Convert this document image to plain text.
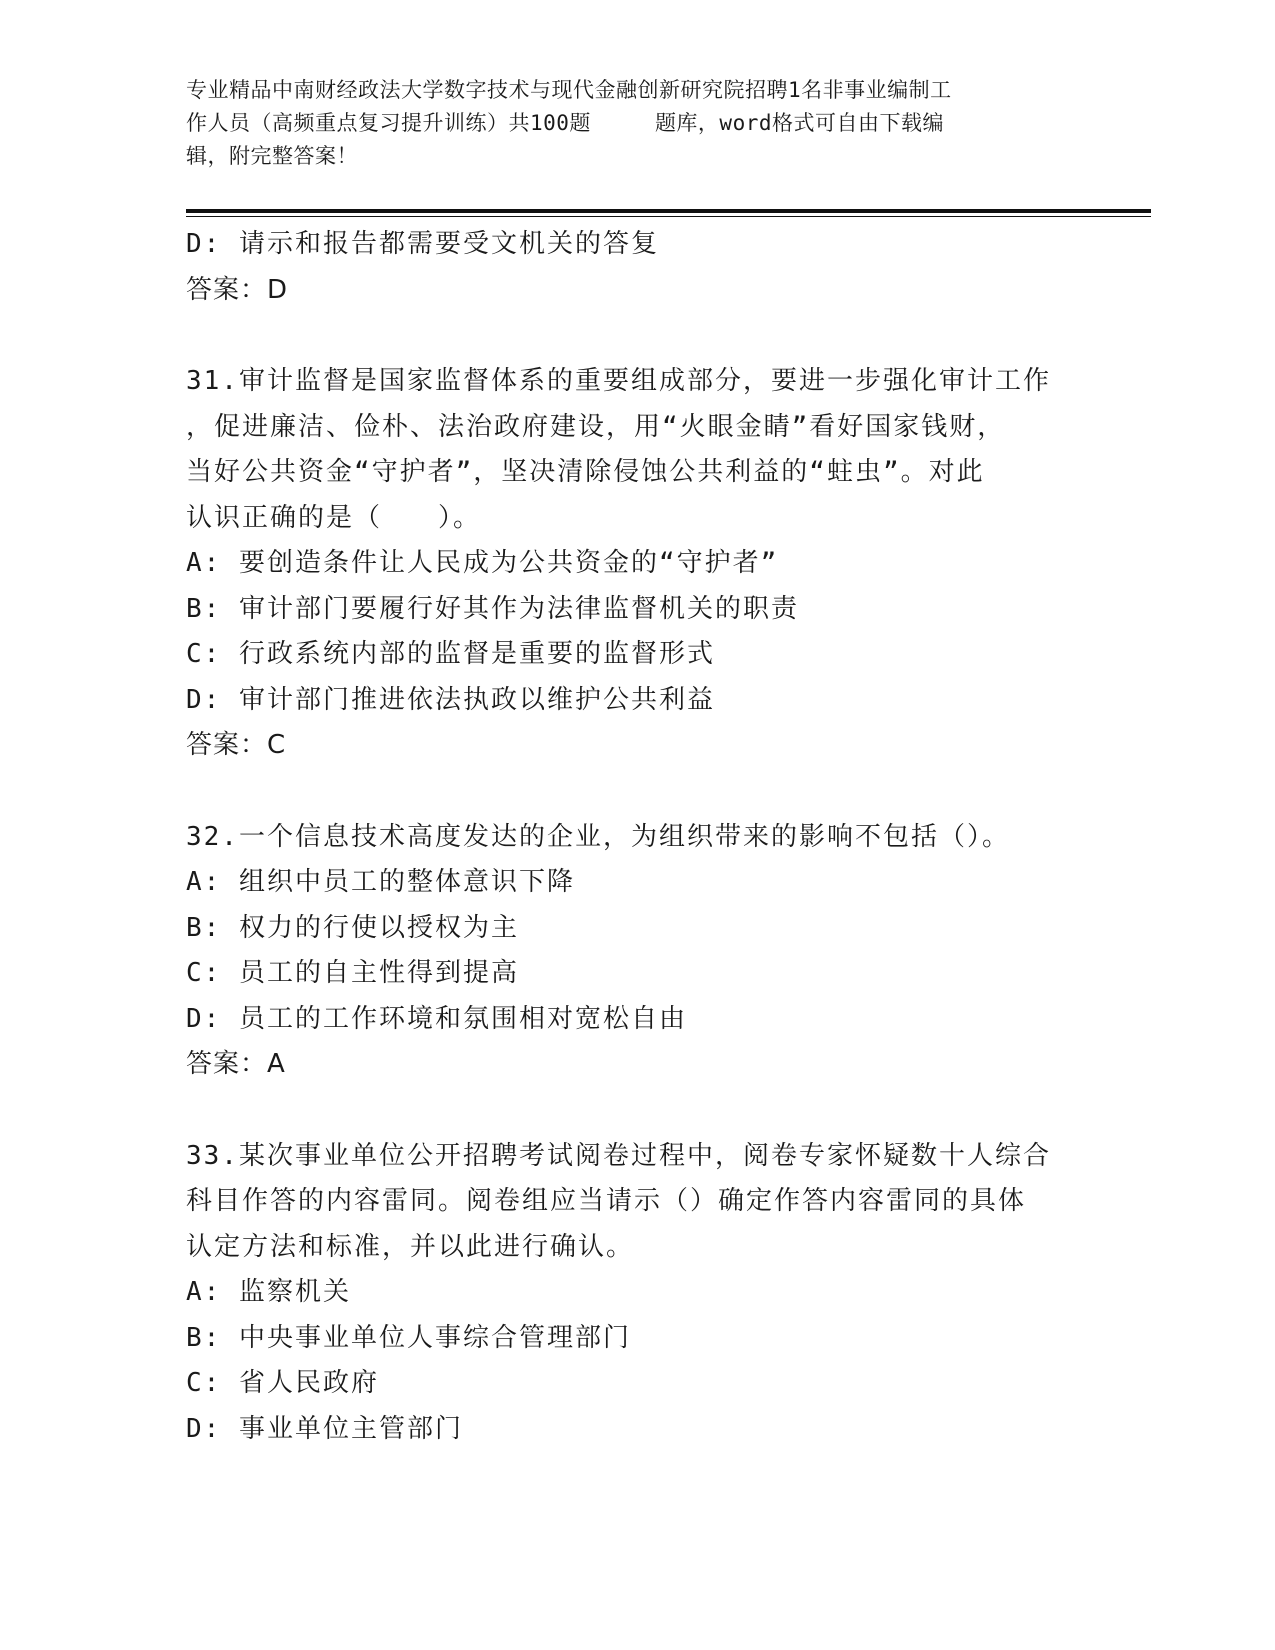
专业精品中南财经政法大学数字技术与现代金融创新研究院招聘1名非事业编制工
作人员（高频重点复习提升训练）共100题	题库，word格式可自由下载编
辑，附完整答案！
D: 请示和报告都需要受文机关的答复
答案：D
31.审计监督是国家监督体系的重要组成部分，要进一步强化审计工作
，促进廉洁、俭朴、法治政府建设，用“火眼金睛”看好国家钱财，
当好公共资金“守护者”，坚决清除侵蚀公共利益的“蛀虫”。对此
认识正确的是（　　）。
A: 要创造条件让人民成为公共资金的“守护者”
B: 审计部门要履行好其作为法律监督机关的职责
C: 行政系统内部的监督是重要的监督形式
D: 审计部门推进依法执政以维护公共利益
答案：C
32.一个信息技术高度发达的企业，为组织带来的影响不包括（）。
A: 组织中员工的整体意识下降
B: 权力的行使以授权为主
C: 员工的自主性得到提高
D: 员工的工作环境和氛围相对宽松自由
答案：A
33.某次事业单位公开招聘考试阅卷过程中，阅卷专家怀疑数十人综合
科目作答的内容雷同。阅卷组应当请示（）确定作答内容雷同的具体
认定方法和标准，并以此进行确认。
A: 监察机关
B: 中央事业单位人事综合管理部门
C: 省人民政府
D: 事业单位主管部门
